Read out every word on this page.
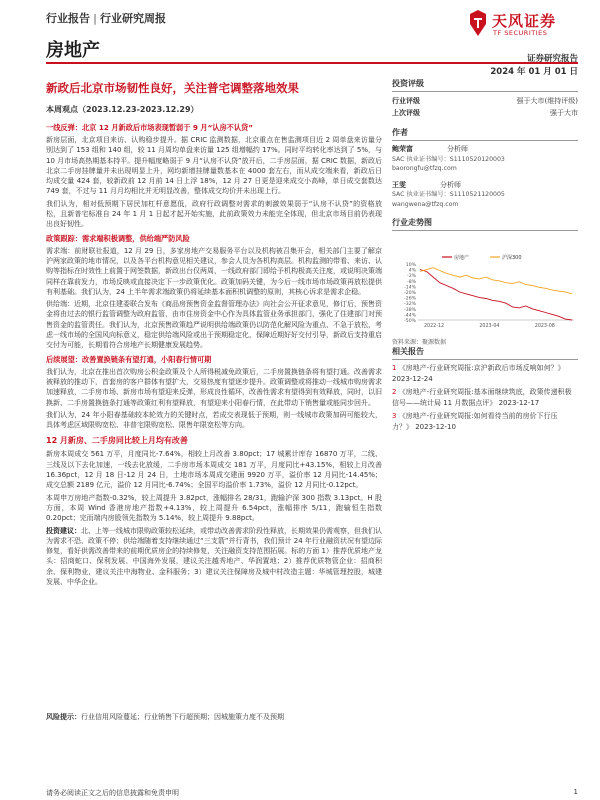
行业报告 | 行业研究周报	天风证券
TF SECURITIES
房地产	证券研究报告
2024 年 01 月 01 日
新政后北京市场韧性良好，关注普宅调整落地效果
本周观点（2023.12.23-2023.12.29）
一线反弹：北京 12 月新政后市场表现暂弱于 9 月“认房不认贷”

新房层面，北京项目来访、认购稳步提升。据 CRIC 监测数据，北京重点在售监测项目近 2 周单盘来访量分别达到了 153 组和 140 组，较 11 月周均单盘来访量 125 组增幅约 17%。同时平均转化率达到了 5%，与 10 月市场高热期基本持平。提升幅度略弱于 9 月“认房不认贷”放开后，二手房层面，据 CRIC 数据，新政后北京二手房挂牌量并未出现明显上升，网均新增挂牌量数基本在 4000 套左右，而从成交端来看，新政后日均成交量 424 套，较新政前 12 月前 14 日上浮 18%，12 月 27 日更是迎来成交小高峰，单日成交套数达 749 套，不过与 11 月月均相比并无明显改善，整体成交均价并未出现上行。

我们认为，相对低预期下居民加杠杆意愿低，政府行政调整对需求的刺激效果弱于“认房不认贷”的资格放松，且新普宅标准自 24 年 1 月 1 日起才起开始实施，此前政策效力未能完全体现，但北京市场目前仍表现出良好韧性。

政策跟踪：需求端积极调整，供给端严防风险

需求端：前财联社报道，12 月 29 日，多家房地产交易服务平台以及机构被召集开会，相关部门主要了解京沪两家政策的地市情况，以及各平台机构意见相关建议，参会人员为各机构高层。机构监测的带看、来访、认购等指标在时效性上前置于网签数据，新政出台仅两周，一线政府部门即给予机构极高关注度，或说明决策端同样在靠前发力，市场反映或直接决定下一步政策优化。政策加码关键，为今后一线市场市场政策再放松提供有利基础。我们认为，24 上半年需求端政策仍将延续基本面积机调整的原则，其核心诉求是需求企稳。

供给端：近期，北京住建委联合发布《商品房预售资金监督管理办法》向社会公开征求意见，修订后，预售资金将由过去的银行监管调整为政府监管，由市住房资金中心作为具体监管业务承担部门，强化了住建部门对预售资金的监管责任。我们认为，北京预售政策趋严说明供给端政策仍以防范化解风险为重点、不急于放松，考虑一线市场的全国风向标意义，稳定供给端风险或出于预期稳定化，保障近期好好交付引导，新政后支持重启交付为可能，长期看符合房地产长期健康发展趋势。

后续展望：改善置换链条有望打通，小阳春行情可期

我们认为，北京在推出首次购房公积金政策及个人所得税减免政策后，二手房置换链条将有望打通。改善需求被释放的推动下，首套房的客户群体有望扩大，交易热度有望逐步提升。政策调整或将推动一线城市购房需求加速释放，二手房市场、新房市场有望迎来反弹，形成良性循环，改善性需求有望得到有效释放，同时，以旧换新、二手房置换链条打通等政策红利有望释放，有望迎来小阳春行情，在此带动下销售量或能同步回升。

我们认为，24 年小阳春基础较本轮效力的关键时点，若成交表现低于预期，则一线城市政策加码可能较大，具体考虑区域限购宽松、非普宅限购宽松、限售年限宽松等方向。

12 月新房、二手房同比较上月均有改善

新房本周成交 561 万平，月度同比-7.64%，相较上月改善 3.80pct；17 城累计库存 16870 万平，二线、三线及以下去化加速，一线去化放缓，二手房市场本周成交 181 万平，月度同比+43.15%，相较上月改善 16.36pct，12 月 18 日-12 月 24 日，土地市场本周成交建面 9920 万平，溢价率 12 月同比-14.45%；成交总额 2189 亿元，溢价 12 月同比-6.74%；全国平均溢价率 1.73%，溢价 12 月同比-0.12pct。

本周申万房地产指数-0.32%，较上周提升 3.82pct，涨幅排名 28/31，跑输沪深 300 指数 3.13pct。H 股方面，本周 Wind 香港房地产指数+4.13%，较上周提升 6.54pct，涨幅排序 5/11，跑输恒生指数 0.20pct；完而端内房股领先指数为 5.14%，较上周提升 9.88pct。

投资建议：北、上等一线城市限购政策较松延续，或带动改善需求阶段性释放，长期效果仍需观察，但我们认为需求不恐、政策不停；供给端随着支持继续通过“三支箭”并行背书，我们预计 24 年行业融资状况有望边际修复，看好供需改善带来的前期优质房企的持续修复，关注融资支持范围拓展。标的方面 1）推荐优质地产龙头：招商蛇口、保利发展、中国海外发展，建议关注越秀地产、华润置地；2）推荐优质物管企业：招商积余、保利物业，建议关注中海物业、金科服务；3）建议关注保障房及城中村改造主题：华城管理控股，城建发展、中华企业。

风险提示：行业信用风险蔓延；行业销售下行超预期；因城施策力度不及预期
请务必阅读正文之后的信息披露和免责申明	1
投资评级
行业评级	强于大市(维持评级)
上次评级	强于大市
作者
鲍荣富	分析师
SAC 执业证书编号：S1110520120003
baorongfu@tfzq.com
王雯	分析师
SAC 执业证书编号：S1110521120005
wangwena@tfzq.com
行业走势图
房地产	沪深300
10%
4%
-2%
-8%
-14%
-20%
-26%
-32%
-38%
-44%
-50%
2022-12	2023-04	2023-08
资料来源：聚源数据
相关报告
1 《房地产-行业研究周报:京沪新政后市场反响如何？》 2023-12-24
2 《房地产-行业研究周报:基本面继续筑底，政策传递积极信号——统计局 11 月数据点评》 2023-12-17
3 《房地产-行业研究周报:如何看待当前的房价下行压力？》 2023-12-10
